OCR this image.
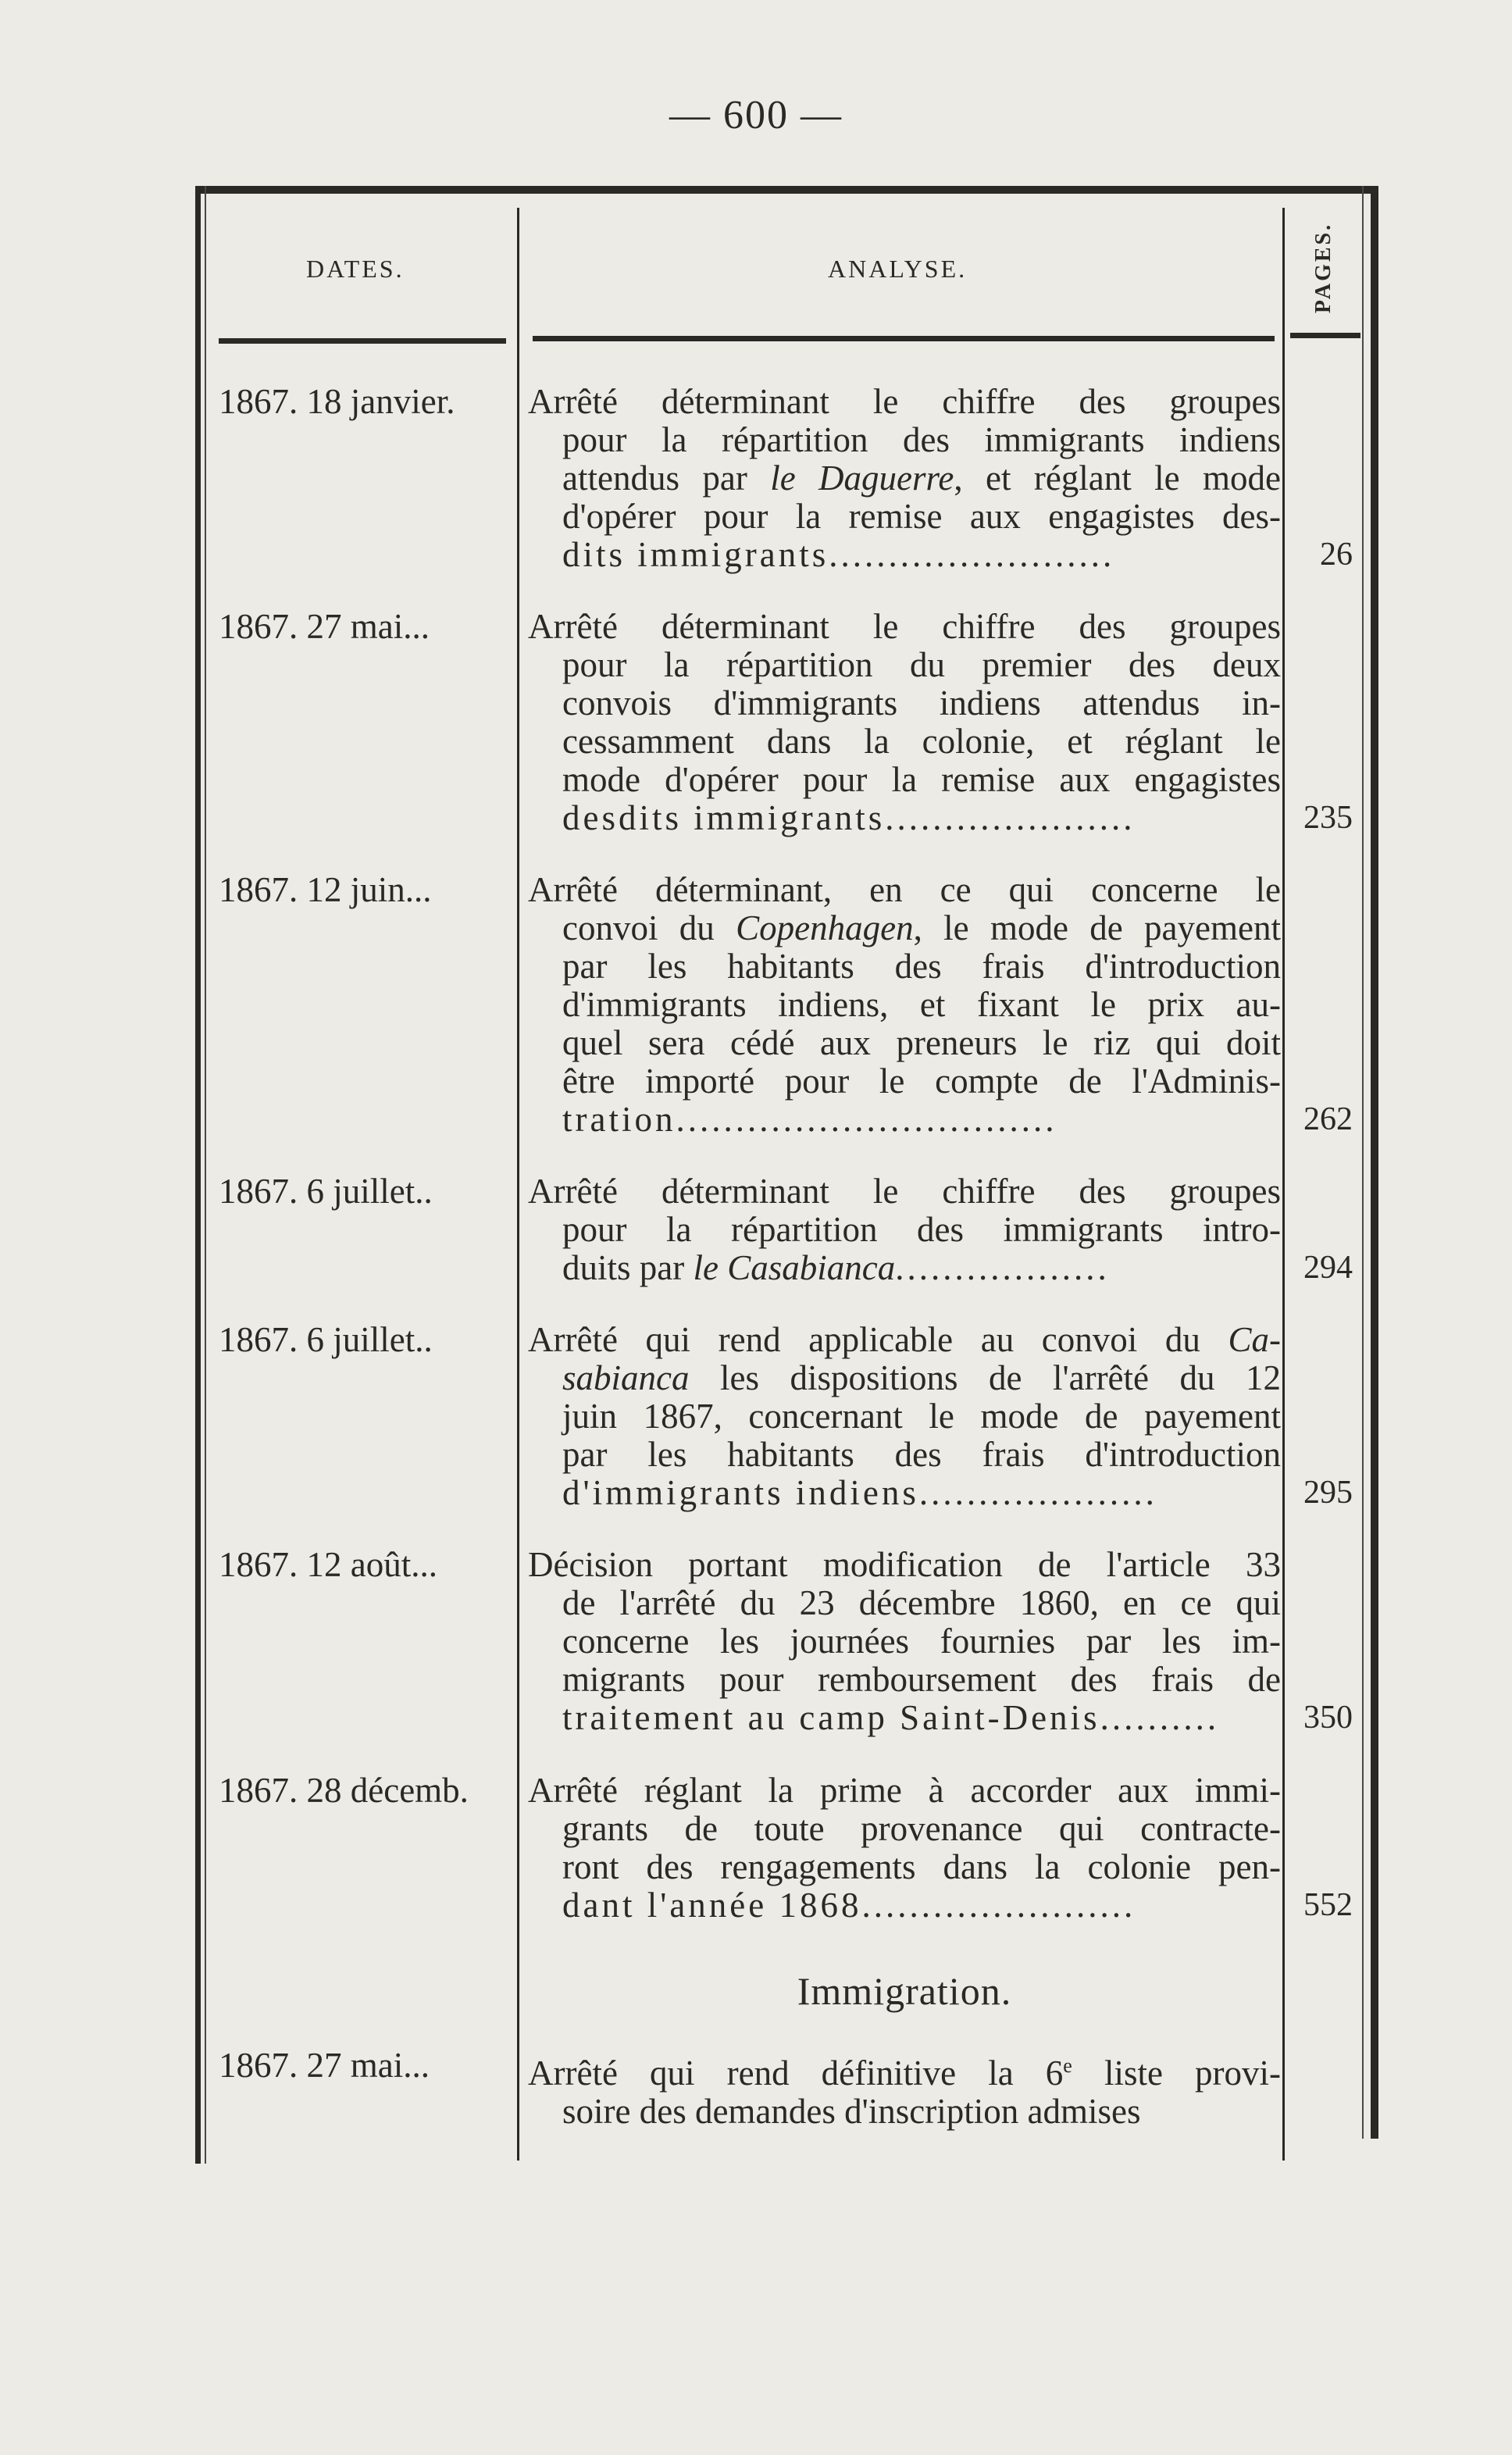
— 600 —
DATES.	ANALYSE.	PAGES.
1867. 18 janvier.	Arrêté déterminant le chiffre des groupes
pour la répartition des immigrants indiens
attendus par le Daguerre, et réglant le mode
d'opérer pour la remise aux engagistes des-
dits immigrants........................	26
1867. 27 mai...	Arrêté déterminant le chiffre des groupes
pour la répartition du premier des deux
convois d'immigrants indiens attendus in-
cessamment dans la colonie, et réglant le
mode d'opérer pour la remise aux engagistes
desdits immigrants.....................	235
1867. 12 juin...	Arrêté déterminant, en ce qui concerne le
convoi du Copenhagen, le mode de payement
par les habitants des frais d'introduction
d'immigrants indiens, et fixant le prix au-
quel sera cédé aux preneurs le riz qui doit
être importé pour le compte de l'Adminis-
tration................................	262
1867. 6 juillet..	Arrêté déterminant le chiffre des groupes
pour la répartition des immigrants intro-
duits par le Casabianca..................	294
1867. 6 juillet..	Arrêté qui rend applicable au convoi du Ca-
sabianca les dispositions de l'arrêté du 12
juin 1867, concernant le mode de payement
par les habitants des frais d'introduction
d'immigrants indiens....................	295
1867. 12 août...	Décision portant modification de l'article 33
de l'arrêté du 23 décembre 1860, en ce qui
concerne les journées fournies par les im-
migrants pour remboursement des frais de
traitement au camp Saint-Denis..........	350
1867. 28 décemb.	Arrêté réglant la prime à accorder aux immi-
grants de toute provenance qui contracte-
ront des rengagements dans la colonie pen-
dant l'année 1868.......................	552
Immigration.
1867. 27 mai...	Arrêté qui rend définitive la 6e liste provi-
soire des demandes d'inscription admises
